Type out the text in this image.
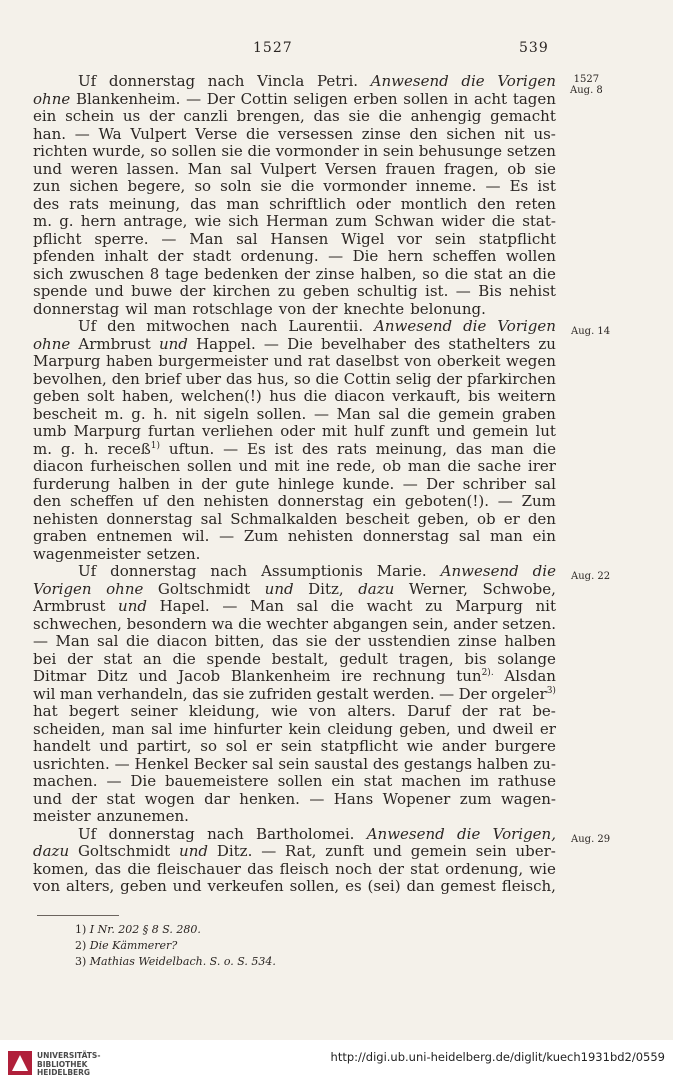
1527	539
Uf donnerstag nach Vincla Petri. Anwesend die Vorigen
ohne Blankenheim. — Der Cottin seligen erben sollen in acht tagen
ein schein us der canzli brengen, das sie die anhengig gemacht
han. — Wa Vulpert Verse die versessen zinse den sichen nit us-
richten wurde, so sollen sie die vormonder in sein behusunge setzen
und weren lassen. Man sal Vulpert Versen frauen fragen, ob sie
zun sichen begere, so soln sie die vormonder inneme. — Es ist
des rats meinung, das man schriftlich oder montlich den reten
m. g. hern antrage, wie sich Herman zum Schwan wider die stat-
pflicht sperre. — Man sal Hansen Wigel vor sein statpflicht
pfenden inhalt der stadt ordenung. — Die hern scheffen wollen
sich zwuschen 8 tage bedenken der zinse halben, so die stat an die
spende und buwe der kirchen zu geben schultig ist. — Bis nehist
donnerstag wil man rotschlage von der knechte belonung.
Uf den mitwochen nach Laurentii. Anwesend die Vorigen
ohne Armbrust und Happel. — Die bevelhaber des stathelters zu
Marpurg haben burgermeister und rat daselbst von oberkeit wegen
bevolhen, den brief uber das hus, so die Cottin selig der pfarkirchen
geben solt haben, welchen(!) hus die diacon verkauft, bis weitern
bescheit m. g. h. nit sigeln sollen. — Man sal die gemein graben
umb Marpurg furtan verliehen oder mit hulf zunft und gemein lut
m. g. h. receß$^{1)}$ uftun. — Es ist des rats meinung, das man die
diacon furheischen sollen und mit ine rede, ob man die sache irer
furderung halben in der gute hinlege kunde. — Der schriber sal
den scheffen uf den nehisten donnerstag ein geboten(!). — Zum
nehisten donnerstag sal Schmalkalden bescheit geben, ob er den
graben entnemen wil. — Zum nehisten donnerstag sal man ein
wagenmeister setzen.
Uf donnerstag nach Assumptionis Marie. Anwesend die
Vorigen ohne Goltschmidt und Ditz, dazu Werner, Schwobe,
Armbrust und Hapel. — Man sal die wacht zu Marpurg nit
schwechen, besondern wa die wechter abgangen sein, ander setzen.
— Man sal die diacon bitten, das sie der usstendien zinse halben
bei der stat an die spende bestalt, gedult tragen, bis solange
Ditmar Ditz und Jacob Blankenheim ire rechnung tun$^{2).}$ Alsdan
wil man verhandeln, das sie zufriden gestalt werden. — Der orgeler$^{3)}$
hat begert seiner kleidung, wie von alters. Daruf der rat be-
scheiden, man sal ime hinfurter kein cleidung geben, und dweil er
handelt und partirt, so sol er sein statpflicht wie ander burgere
usrichten. — Henkel Becker sal sein saustal des gestangs halben zu-
machen. — Die bauemeistere sollen ein stat machen im rathuse
und der stat wogen dar henken. — Hans Wopener zum wagen-
meister anzunemen.
Uf donnerstag nach Bartholomei. Anwesend die Vorigen,
dazu Goltschmidt und Ditz. — Rat, zunft und gemein sein uber-
komen, das die fleischauer das fleisch noch der stat ordenung, wie
von alters, geben und verkeufen sollen, es (sei) dan gemest fleisch,
1527
Aug. 8
Aug. 14
Aug. 22
Aug. 29
1) I Nr. 202 § 8 S. 280.
2) Die Kämmerer?
3) Mathias Weidelbach. S. o. S. 534.
UNIVERSITÄTS-
BIBLIOTHEK
HEIDELBERG
http://digi.ub.uni-heidelberg.de/diglit/kuech1931bd2/0559
